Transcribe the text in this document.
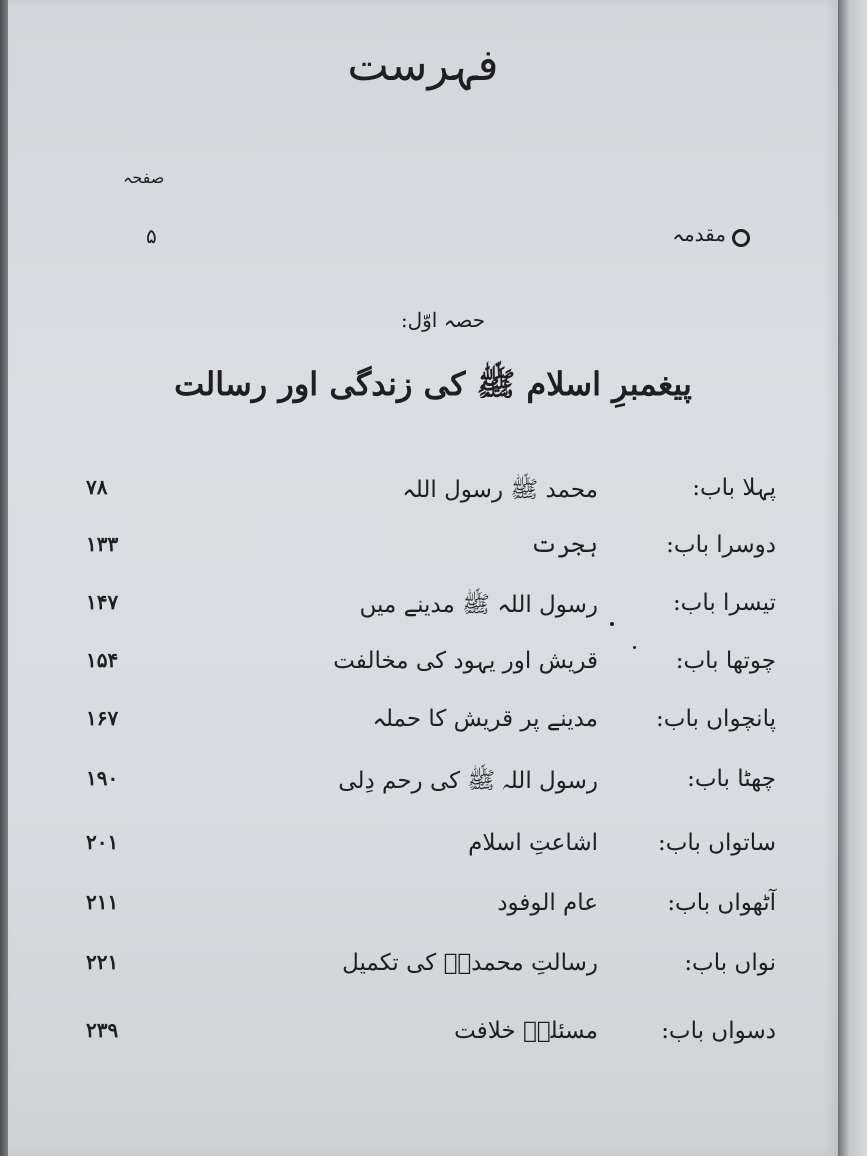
فہرست
صفحہ
مقدمہ
۵
حصہ اوّل:
پیغمبرِ اسلام ﷺ کی زندگی اور رسالت
پہلا باب:
محمد ﷺ رسول اللہ
۷۸
دوسرا باب:
ہجرت
۱۳۳
تیسرا باب:
رسول اللہ ﷺ مدینے میں
۱۴۷
چوتھا باب:
قریش اور یہود کی مخالفت
۱۵۴
پانچواں باب:
مدینے پر قریش کا حملہ
۱۶۷
چھٹا باب:
رسول اللہ ﷺ کی رحم دِلی
۱۹۰
ساتواں باب:
اشاعتِ اسلام
۲۰۱
آٹھواں باب:
عام الوفود
۲۱۱
نواں باب:
رسالتِ محمدیؐ کی تکمیل
۲۲۱
دسواں باب:
مسئلہٗ خلافت
۲۳۹
